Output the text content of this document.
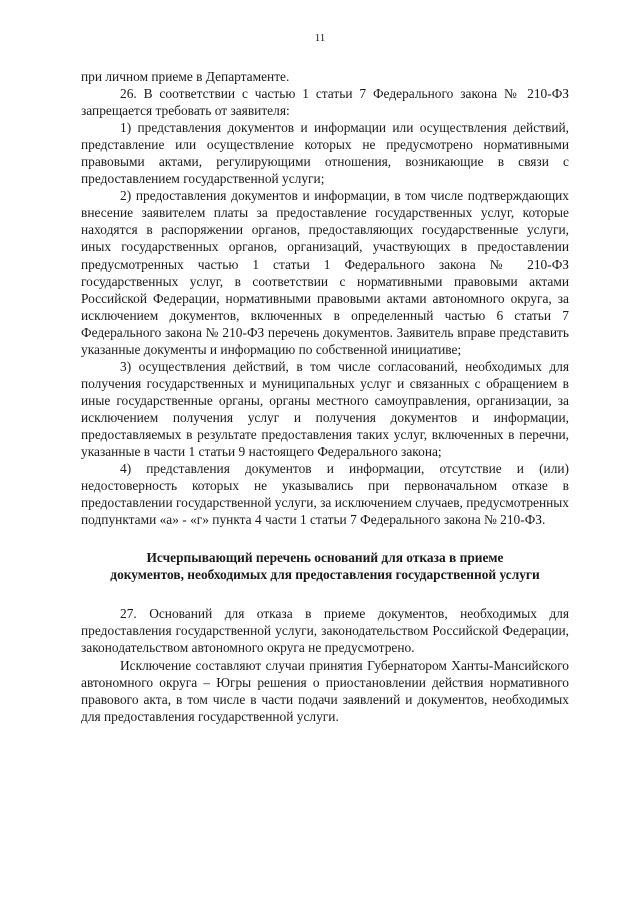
11

при личном приеме в Департаменте.

26. В соответствии с частью 1 статьи 7 Федерального закона № 210-ФЗ запрещается требовать от заявителя:

1) представления документов и информации или осуществления действий, представление или осуществление которых не предусмотрено нормативными правовыми актами, регулирующими отношения, возникающие в связи с предоставлением государственной услуги;

2) предоставления документов и информации, в том числе подтверждающих внесение заявителем платы за предоставление государственных услуг, которые находятся в распоряжении органов, предоставляющих государственные услуги, иных государственных органов, организаций, участвующих в предоставлении предусмотренных частью 1 статьи 1 Федерального закона № 210-ФЗ государственных услуг, в соответствии с нормативными правовыми актами Российской Федерации, нормативными правовыми актами автономного округа, за исключением документов, включенных в определенный частью 6 статьи 7 Федерального закона № 210-ФЗ перечень документов. Заявитель вправе представить указанные документы и информацию по собственной инициативе;

3) осуществления действий, в том числе согласований, необходимых для получения государственных и муниципальных услуг и связанных с обращением в иные государственные органы, органы местного самоуправления, организации, за исключением получения услуг и получения документов и информации, предоставляемых в результате предоставления таких услуг, включенных в перечни, указанные в части 1 статьи 9 настоящего Федерального закона;

4) представления документов и информации, отсутствие и (или) недостоверность которых не указывались при первоначальном отказе в предоставлении государственной услуги, за исключением случаев, предусмотренных подпунктами «а» - «г» пункта 4 части 1 статьи 7 Федерального закона № 210-ФЗ.

Исчерпывающий перечень оснований для отказа в приеме
документов, необходимых для предоставления государственной услуги

27. Оснований для отказа в приеме документов, необходимых для предоставления государственной услуги, законодательством Российской Федерации, законодательством автономного округа не предусмотрено.

Исключение составляют случаи принятия Губернатором Ханты-Мансийского автономного округа – Югры решения о приостановлении действия нормативного правового акта, в том числе в части подачи заявлений и документов, необходимых для предоставления государственной услуги.
